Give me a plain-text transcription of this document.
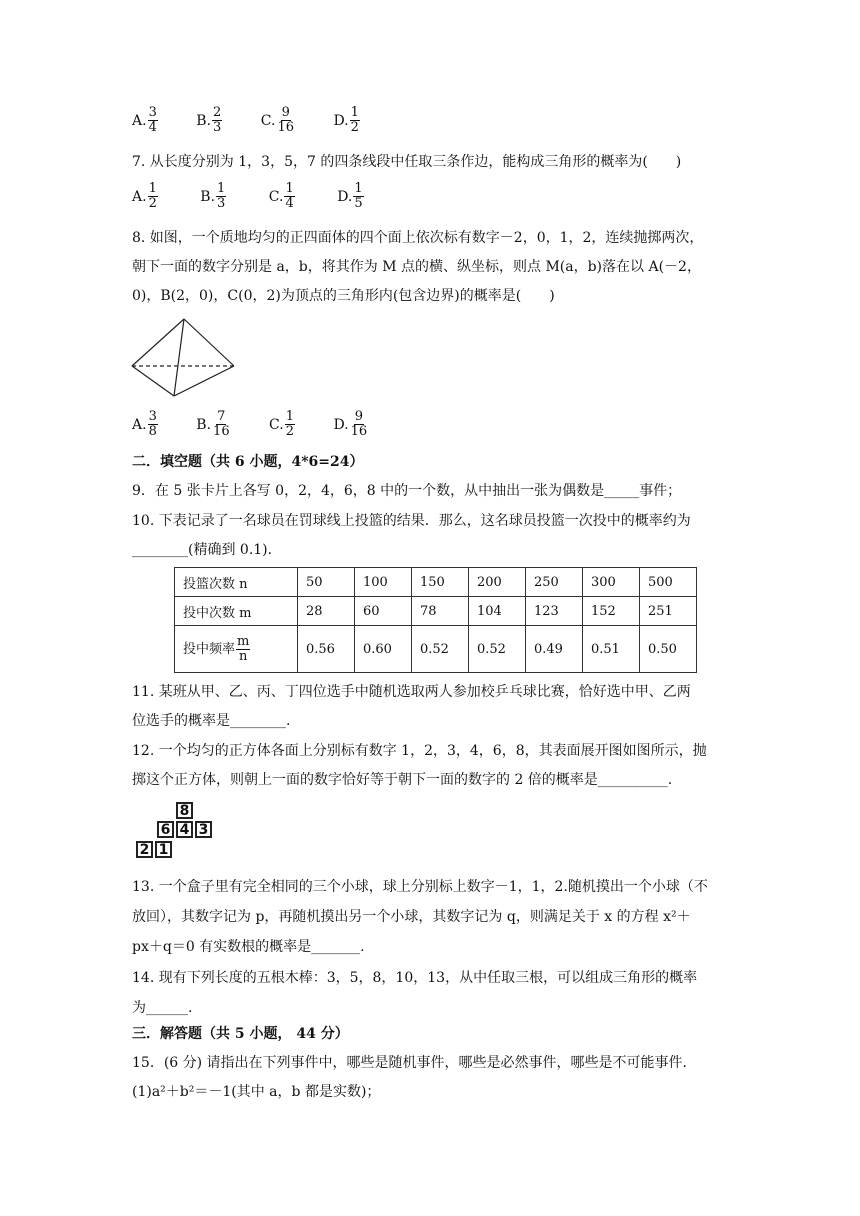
A. $\frac{3}{4}$
	B. $\frac{2}{3}$
	C. $\frac{9}{16}$
	D. $\frac{1}{2}$
7. 从长度分别为 1，3，5，7 的四条线段中任取三条作边，能构成三角形的概率为(　　)
A. $\frac{1}{2}$
	B. $\frac{1}{3}$
	C. $\frac{1}{4}$
	D. $\frac{1}{5}$
8. 如图，一个质地均匀的正四面体的四个面上依次标有数字－2，0，1，2，连续抛掷两次，
朝下一面的数字分别是 a，b，将其作为 M 点的横、纵坐标，则点 M(a，b)落在以 A(－2，
0)，B(2，0)，C(0，2)为顶点的三角形内(包含边界)的概率是(　　)
A. $\frac{3}{8}$
	B. $\frac{7}{16}$
	C. $\frac{1}{2}$
	D. $\frac{9}{16}$
二．填空题（共 6 小题，4*6=24）
9．在 5 张卡片上各写 0，2，4，6，8 中的一个数，从中抽出一张为偶数是_____事件；
10. 下表记录了一名球员在罚球线上投篮的结果．那么，这名球员投篮一次投中的概率约为
________(精确到 0.1)．
投篮次数 n	50	100	150	200	250	300	500
投中次数 m	28	60	78	104	123	152	251
投中频率 $\frac{m}{n}$	0.56	0.60	0.52	0.52	0.49	0.51	0.50
11. 某班从甲、乙、丙、丁四位选手中随机选取两人参加校乒乓球比赛，恰好选中甲、乙两
位选手的概率是________.
12. 一个均匀的正方体各面上分别标有数字 1，2，3，4，6，8，其表面展开图如图所示，抛
掷这个正方体，则朝上一面的数字恰好等于朝下一面的数字的 2 倍的概率是__________.
8
6 4 3
2 1
13. 一个盒子里有完全相同的三个小球，球上分别标上数字－1，1，2.随机摸出一个小球（不
放回），其数字记为 p，再随机摸出另一个小球，其数字记为 q，则满足关于 x 的方程 x²＋
px＋q＝0 有实数根的概率是_______.
14. 现有下列长度的五根木棒：3，5，8，10，13，从中任取三根，可以组成三角形的概率
为______.
三．解答题（共 5 小题， 44 分）
15．(6 分) 请指出在下列事件中，哪些是随机事件，哪些是必然事件，哪些是不可能事件．
(1)a²＋b²＝－1(其中 a，b 都是实数)；
